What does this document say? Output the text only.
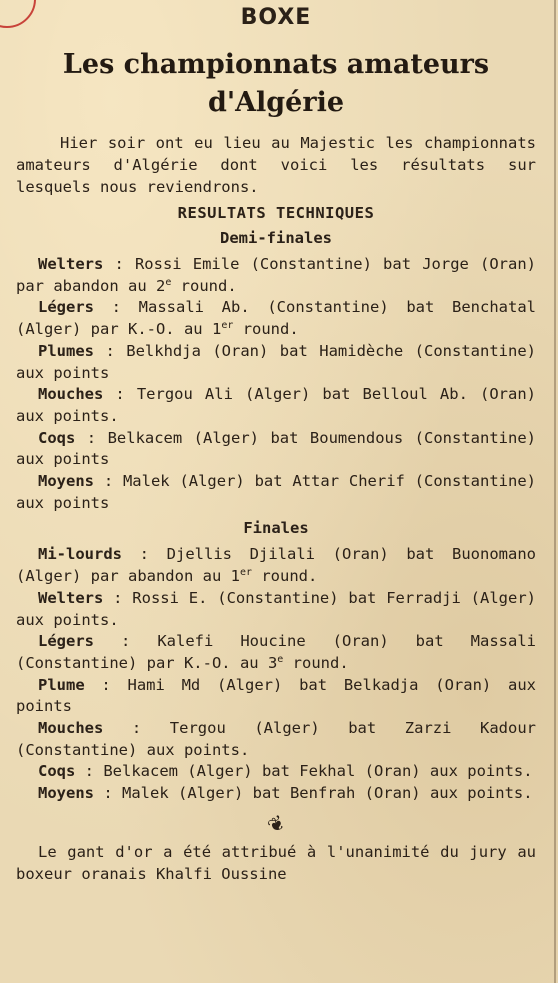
BOXE
Les championnats amateurs d'Algérie

Hier soir ont eu lieu au Majestic les championnats amateurs d'Algérie dont voici les résultats sur lesquels nous reviendrons.

RESULTATS TECHNIQUES
Demi-finales

Welters : Rossi Emile (Constantine) bat Jorge (Oran) par abandon au 2e round.

Légers : Massali Ab. (Constantine) bat Benchatal (Alger) par K.-O. au 1er round.

Plumes : Belkhdja (Oran) bat Hamidèche (Constantine) aux points

Mouches : Tergou Ali (Alger) bat Belloul Ab. (Oran) aux points.

Coqs : Belkacem (Alger) bat Boumendous (Constantine) aux points

Moyens : Malek (Alger) bat Attar Cherif (Constantine) aux points

Finales

Mi-lourds : Djellis Djilali (Oran) bat Buonomano (Alger) par abandon au 1er round.

Welters : Rossi E. (Constantine) bat Ferradji (Alger) aux points.

Légers : Kalefi Houcine (Oran) bat Massali (Constantine) par K.-O. au 3e round.

Plume : Hami Md (Alger) bat Belkadja (Oran) aux points

Mouches : Tergou (Alger) bat Zarzi Kadour (Constantine) aux points.

Coqs : Belkacem (Alger) bat Fekhal (Oran) aux points.

Moyens : Malek (Alger) bat Benfrah (Oran) aux points.

❦

Le gant d'or a été attribué à l'unanimité du jury au boxeur oranais Khalfi Oussine
